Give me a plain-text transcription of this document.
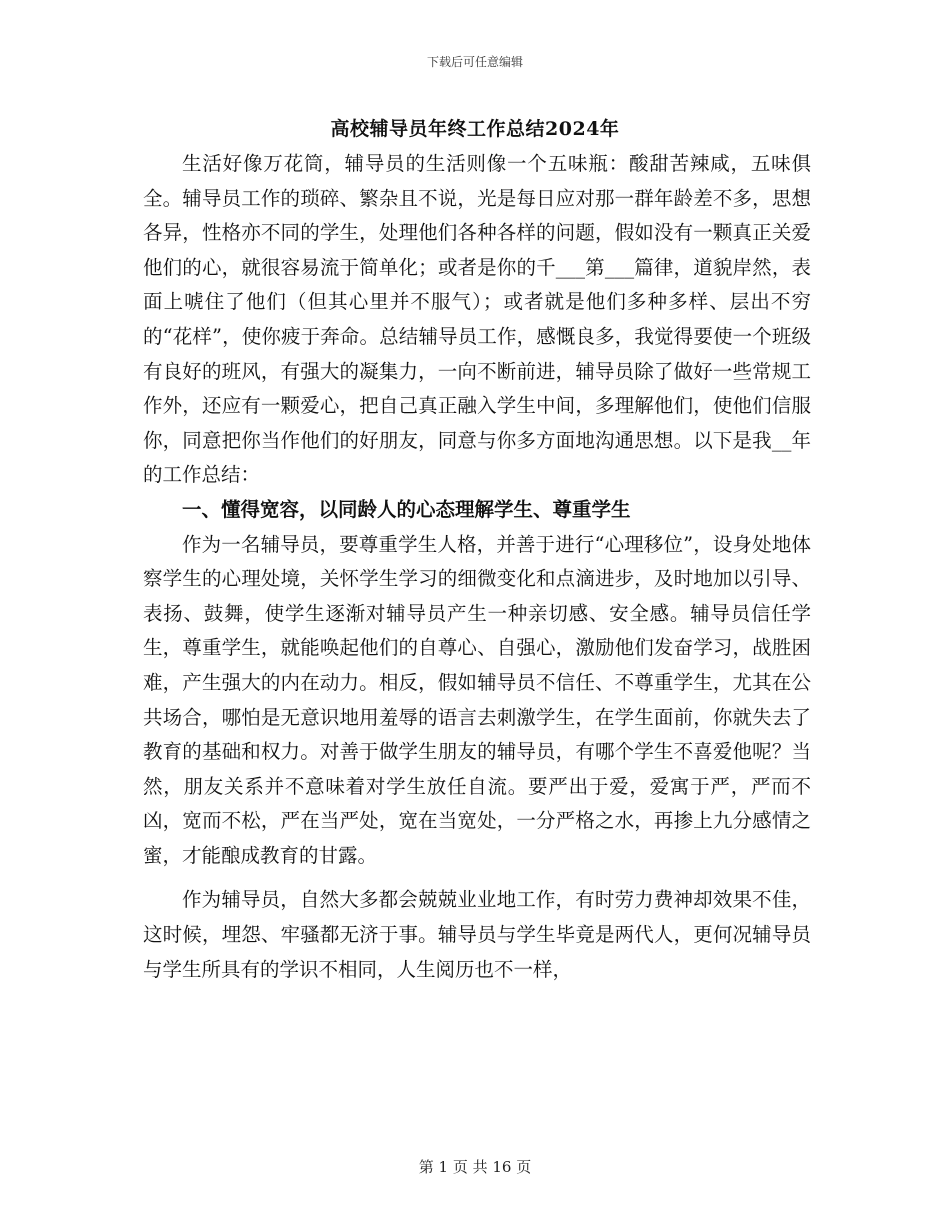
下载后可任意编辑
高校辅导员年终工作总结2024年

生活好像万花筒，辅导员的生活则像一个五味瓶：酸甜苦辣咸，五味俱全。辅导员工作的琐碎、繁杂且不说，光是每日应对那一群年龄差不多，思想各异，性格亦不同的学生，处理他们各种各样的问题，假如没有一颗真正关爱他们的心，就很容易流于简单化；或者是你的千___第___篇律，道貌岸然，表面上唬住了他们（但其心里并不服气）；或者就是他们多种多样、层出不穷的“花样”，使你疲于奔命。总结辅导员工作，感慨良多，我觉得要使一个班级有良好的班风，有强大的凝集力，一向不断前进，辅导员除了做好一些常规工作外，还应有一颗爱心，把自己真正融入学生中间，多理解他们，使他们信服你，同意把你当作他们的好朋友，同意与你多方面地沟通思想。以下是我__年的工作总结：

一、懂得宽容，以同龄人的心态理解学生、尊重学生

作为一名辅导员，要尊重学生人格，并善于进行“心理移位”，设身处地体察学生的心理处境，关怀学生学习的细微变化和点滴进步，及时地加以引导、表扬、鼓舞，使学生逐渐对辅导员产生一种亲切感、安全感。辅导员信任学生，尊重学生，就能唤起他们的自尊心、自强心，激励他们发奋学习，战胜困难，产生强大的内在动力。相反，假如辅导员不信任、不尊重学生，尤其在公共场合，哪怕是无意识地用羞辱的语言去刺激学生，在学生面前，你就失去了教育的基础和权力。对善于做学生朋友的辅导员，有哪个学生不喜爱他呢？当然，朋友关系并不意味着对学生放任自流。要严出于爱，爱寓于严，严而不凶，宽而不松，严在当严处，宽在当宽处，一分严格之水，再掺上九分感情之蜜，才能酿成教育的甘露。

作为辅导员，自然大多都会兢兢业业地工作，有时劳力费神却效果不佳，这时候，埋怨、牢骚都无济于事。辅导员与学生毕竟是两代人，更何况辅导员与学生所具有的学识不相同，人生阅历也不一样，

第 1 页 共 16 页
